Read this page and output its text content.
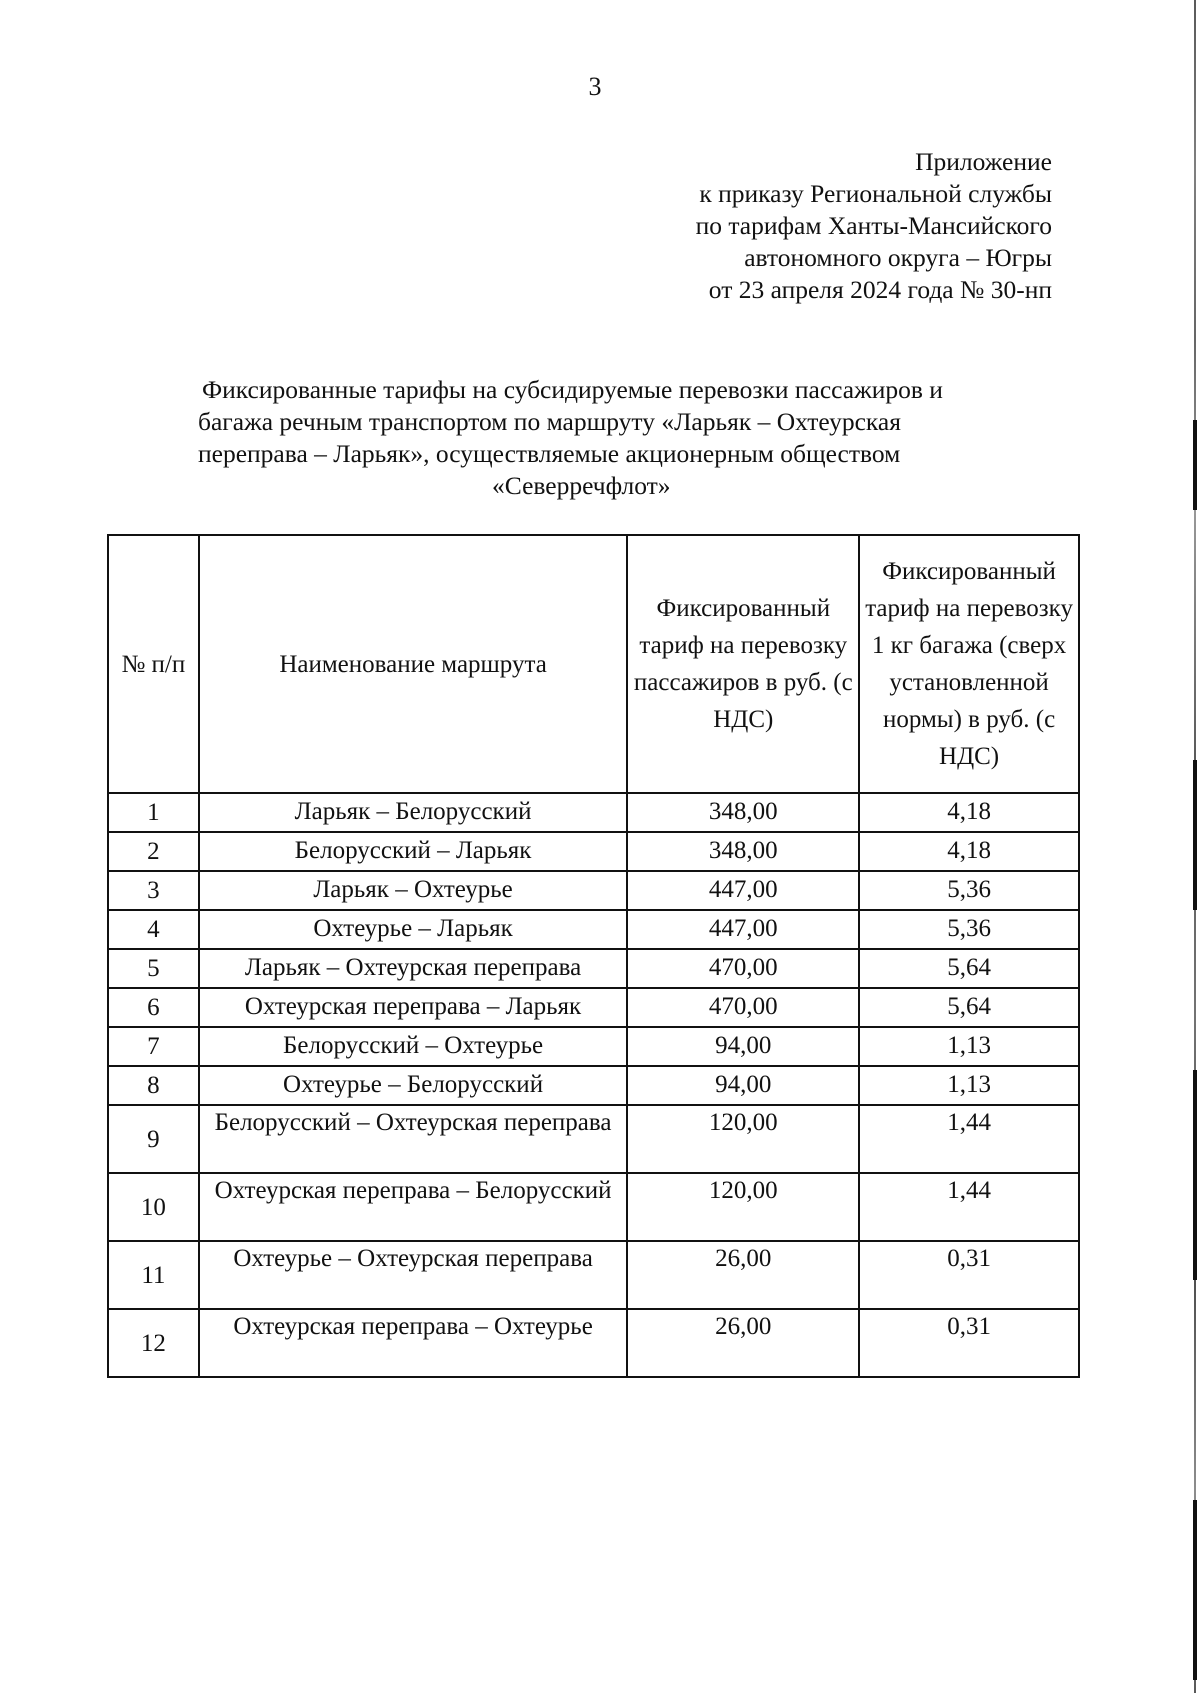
3
Приложение
к приказу Региональной службы
по тарифам Ханты-Мансийского
автономного округа – Югры
от 23 апреля 2024 года № 30-нп
Фиксированные тарифы на субсидируемые перевозки пассажиров и
багажа речным транспортом по маршруту «Ларьяк – Охтеурская
переправа – Ларьяк», осуществляемые акционерным обществом
«Северречфлот»
№ п/п	Наименование маршрута	Фиксированный тариф на перевозку пассажиров в руб. (с НДС)	Фиксированный тариф на перевозку 1 кг багажа (сверх установленной нормы) в руб. (с НДС)
1	Ларьяк – Белорусский	348,00	4,18
2	Белорусский – Ларьяк	348,00	4,18
3	Ларьяк – Охтеурье	447,00	5,36
4	Охтеурье – Ларьяк	447,00	5,36
5	Ларьяк – Охтеурская переправа	470,00	5,64
6	Охтеурская переправа – Ларьяк	470,00	5,64
7	Белорусский – Охтеурье	94,00	1,13
8	Охтеурье – Белорусский	94,00	1,13
9	Белорусский – Охтеурская переправа	120,00	1,44
10	Охтеурская переправа – Белорусский	120,00	1,44
11	Охтеурье – Охтеурская переправа	26,00	0,31
12	Охтеурская переправа – Охтеурье	26,00	0,31
